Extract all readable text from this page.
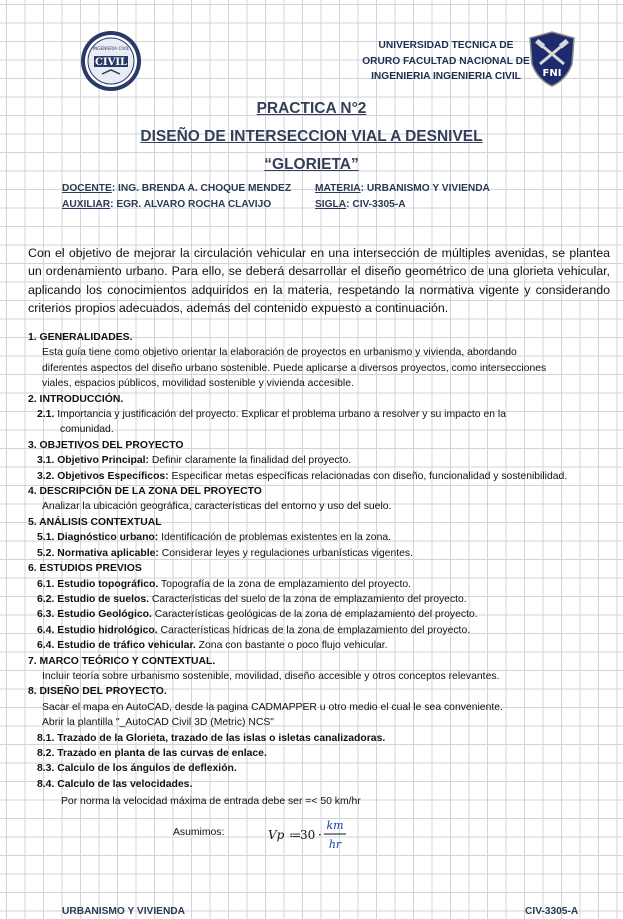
CIVIL
INGENIERIA CIVIL	UNIVERSIDAD TECNICA DE
ORURO FACULTAD NACIONAL DE
INGENIERIA INGENIERIA CIVIL	FNI
PRACTICA N°2
DISEÑO DE INTERSECCION VIAL A DESNIVEL
“GLORIETA”
DOCENTE: ING. BRENDA A. CHOQUE MENDEZ
AUXILIAR: EGR. ALVARO ROCHA CLAVIJO
MATERIA: URBANISMO Y VIVIENDA
SIGLA: CIV-3305-A
Con el objetivo de mejorar la circulación vehicular en una intersección de múltiples avenidas, se plantea un ordenamiento urbano. Para ello, se deberá desarrollar el diseño geométrico de una glorieta vehicular, aplicando los conocimientos adquiridos en la materia, respetando la normativa vigente y considerando criterios propios adecuados, además del contenido expuesto a continuación.
1. GENERALIDADES.
Esta guía tiene como objetivo orientar la elaboración de proyectos en urbanismo y vivienda, abordando
diferentes aspectos del diseño urbano sostenible. Puede aplicarse a diversos proyectos, como intersecciones
viales, espacios públicos, movilidad sostenible y vivienda accesible.
2. INTRODUCCIÓN.
2.1. Importancia y justificación del proyecto. Explicar el problema urbano a resolver y su impacto en la
comunidad.
3. OBJETIVOS DEL PROYECTO
3.1. Objetivo Principal: Definir claramente la finalidad del proyecto.
3.2. Objetivos Específicos: Especificar metas específicas relacionadas con diseño, funcionalidad y sostenibilidad.
4. DESCRIPCIÓN DE LA ZONA DEL PROYECTO
Analizar la ubicación geográfica, características del entorno y uso del suelo.
5. ANÁLISIS CONTEXTUAL
5.1. Diagnóstico urbano: Identificación de problemas existentes en la zona.
5.2. Normativa aplicable: Considerar leyes y regulaciones urbanísticas vigentes.
6. ESTUDIOS PREVIOS
6.1. Estudio topográfico. Topografía de la zona de emplazamiento del proyecto.
6.2. Estudio de suelos. Características del suelo de la zona de emplazamiento del proyecto.
6.3. Estudio Geológico. Características geológicas de la zona de emplazamiento del proyecto.
6.4. Estudio hidrológico. Características hídricas de la zona de emplazamiento del proyecto.
6.4. Estudio de tráfico vehicular. Zona con bastante o poco flujo vehicular.
7. MARCO TEÓRICO Y CONTEXTUAL.
Incluir teoría sobre urbanismo sostenible, movilidad, diseño accesible y otros conceptos relevantes.
8. DISEÑO DEL PROYECTO.
Sacar el mapa en AutoCAD, desde la pagina CADMAPPER u otro medio el cual le sea conveniente.
Abrir la plantilla "_AutoCAD Civil 3D (Metric) NCS"
8.1. Trazado de la Glorieta, trazado de las islas o isletas canalizadoras.
8.2. Trazado en planta de las curvas de enlace.
8.3. Calculo de los ángulos de deflexión.
8.4. Calculo de las velocidades.
Por norma la velocidad máxima de entrada debe ser =< 50 km/hr
Asumimos:	Vp ≔
30 ·
km
hr
URBANISMO Y VIVIENDA	CIV-3305-A
